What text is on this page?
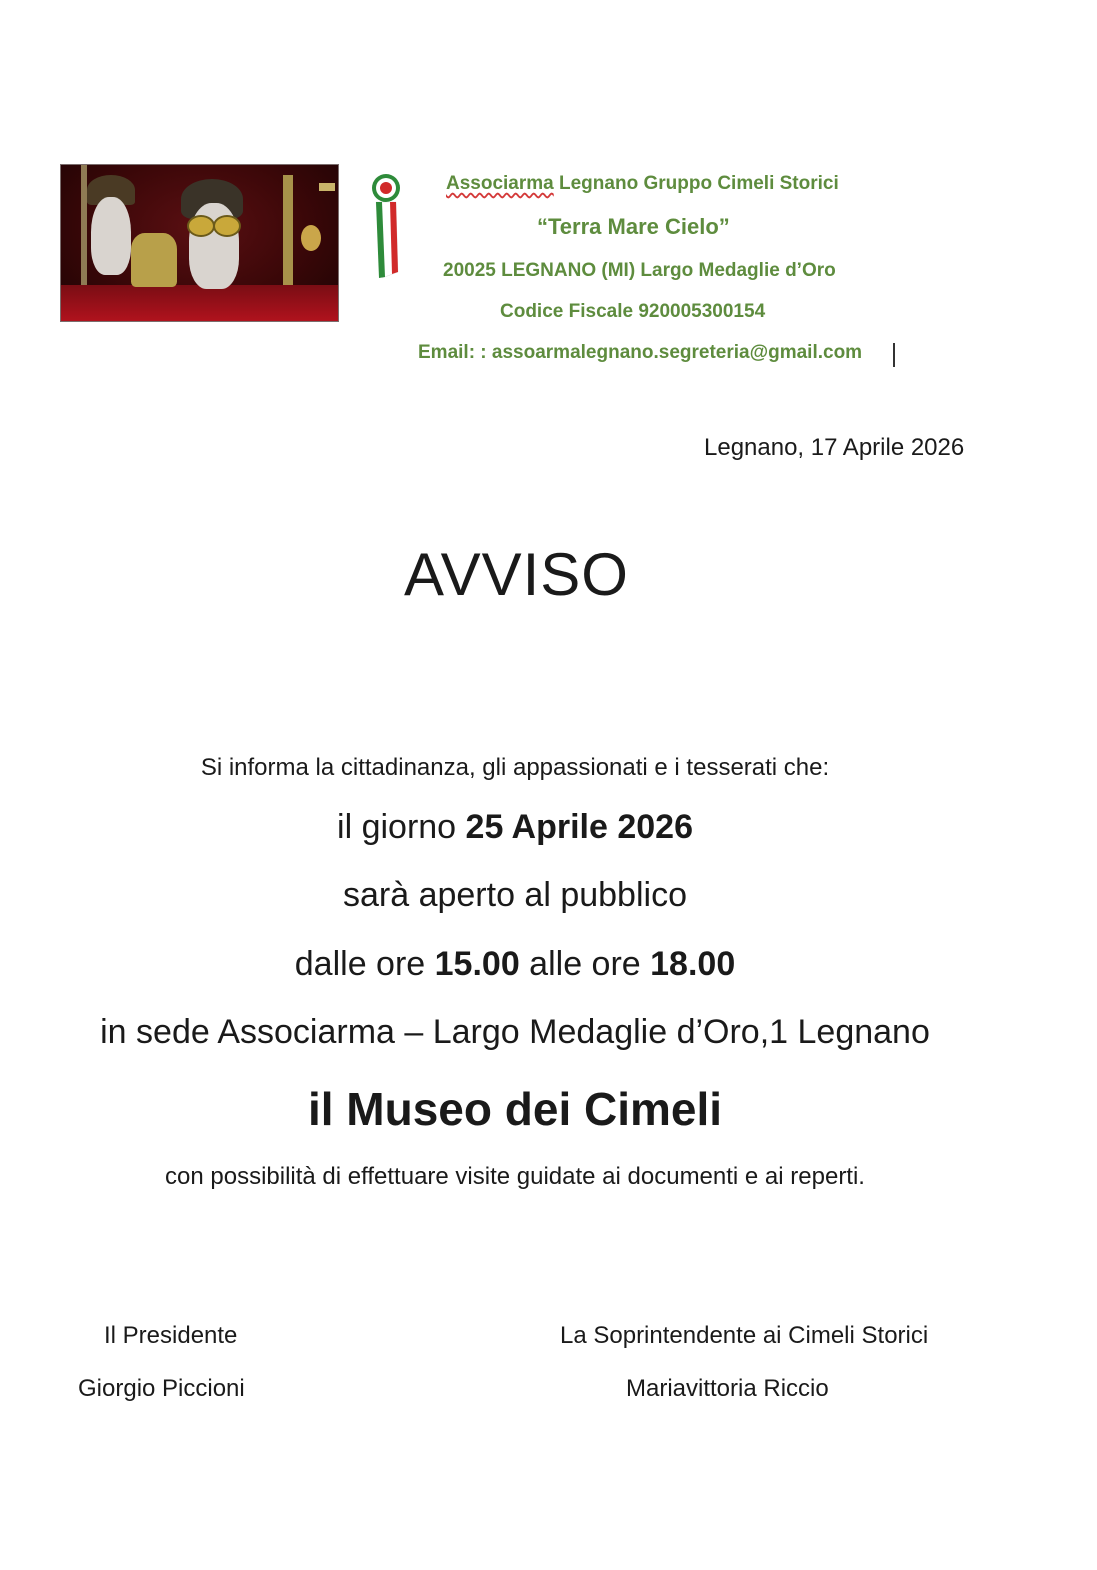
Associarma Legnano Gruppo Cimeli Storici
“Terra Mare Cielo”
20025 LEGNANO (MI) Largo Medaglie d’Oro
Codice Fiscale 920005300154
Email: : assoarmalegnano.segreteria@gmail.com
Legnano, 17 Aprile 2026
AVVISO
Si informa la cittadinanza, gli appassionati e i tesserati che:
il giorno 25 Aprile 2026
sarà aperto al pubblico
dalle ore 15.00 alle ore 18.00
in sede Associarma – Largo Medaglie d’Oro,1 Legnano
il Museo dei Cimeli
con possibilità di effettuare visite guidate ai documenti e ai reperti.
Il Presidente
Giorgio Piccioni
La Soprintendente ai Cimeli Storici
Mariavittoria Riccio
